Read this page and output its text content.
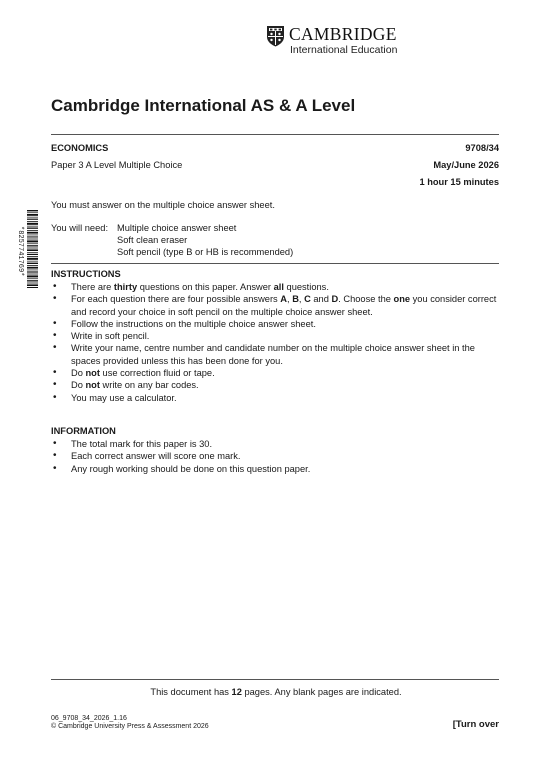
CAMBRIDGE
International Education
Cambridge International AS & A Level
ECONOMICS	9708/34
Paper 3 A Level Multiple Choice	May/June 2026
1 hour 15 minutes
You must answer on the multiple choice answer sheet.
You will need: Multiple choice answer sheet
Soft clean eraser
Soft pencil (type B or HB is recommended)
*8257741769*	INSTRUCTIONS
• There are thirty questions on this paper. Answer all questions.
• For each question there are four possible answers A, B, C and D. Choose the one you consider correct
and record your choice in soft pencil on the multiple choice answer sheet.
• Follow the instructions on the multiple choice answer sheet.
• Write in soft pencil.
• Write your name, centre number and candidate number on the multiple choice answer sheet in the
spaces provided unless this has been done for you.
• Do not use correction fluid or tape.
• Do not write on any bar codes.
• You may use a calculator.
INFORMATION
• The total mark for this paper is 30.
• Each correct answer will score one mark.
• Any rough working should be done on this question paper.
This document has 12 pages. Any blank pages are indicated.
06_9708_34_2026_1.16
© Cambridge University Press & Assessment 2026	[Turn over
